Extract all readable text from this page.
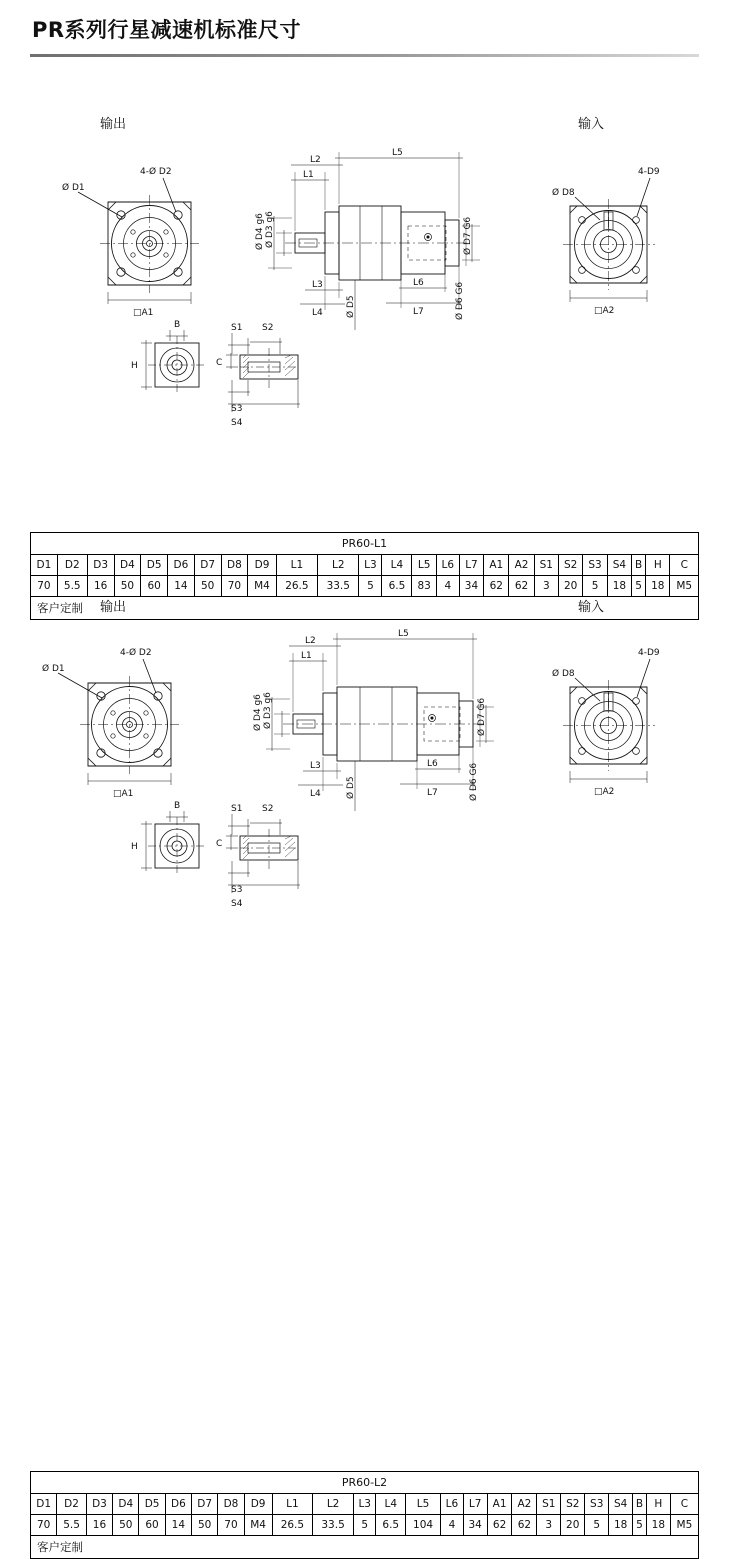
PR系列行星减速机标准尺寸
输出	输入
Ø D1
4-Ø D2
□A1
B
H
S1 S2
C
S3
S4
L1
L2
L5
Ø D3 g6
Ø D4 g6
L3
L4	Ø D5
L6
L7
Ø D7 G6
Ø D6 G6
Ø D8
4-D9
□A2
PR60-L1																								
D1	D2	D3	D4	D5	D6	D7	D8	D9	L1	L2	L3	L4	L5	L6	L7	A1	A2	S1	S2	S3	S4	B	H	C
70	5.5	16	50	60	14	50	70	M4	26.5	33.5	5	6.5	83	4	34	62	62	3	20	5	18	5	18	M5
客户定制																								输出	输入
Ø D1
4-Ø D2
□A1
B
H
S1 S2
C
S3
S4
L1
L2
L5
Ø D3 g6
Ø D4 g6
L3
L4	Ø D5
L6
L7
Ø D7 G6
Ø D6 G6
Ø D8
4-D9
□A2
PR60-L2																								
D1	D2	D3	D4	D5	D6	D7	D8	D9	L1	L2	L3	L4	L5	L6	L7	A1	A2	S1	S2	S3	S4	B	H	C
70	5.5	16	50	60	14	50	70	M4	26.5	33.5	5	6.5	104	4	34	62	62	3	20	5	18	5	18	M5
客户定制																								
